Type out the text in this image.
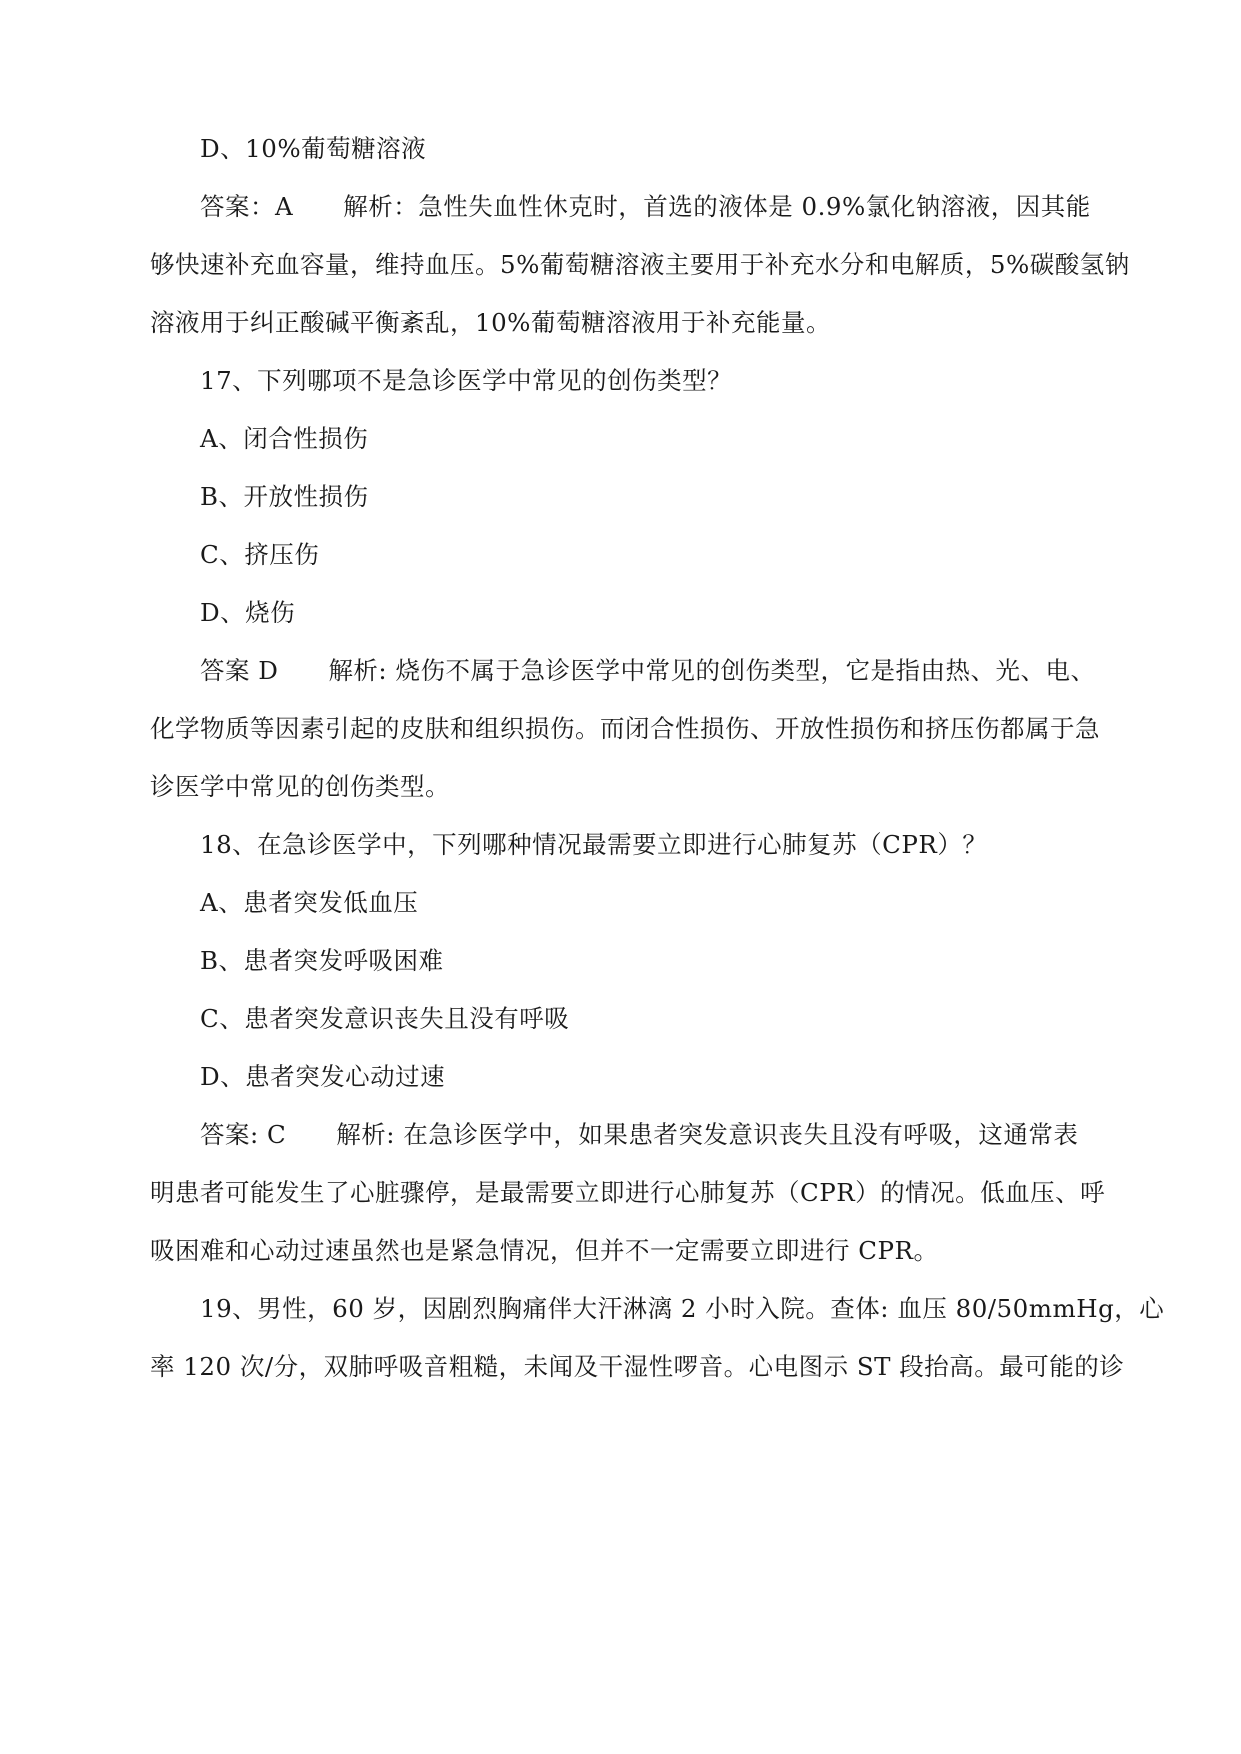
D、10%葡萄糖溶液
答案：A 解析：急性失血性休克时，首选的液体是 0.9%氯化钠溶液，因其能
够快速补充血容量，维持血压。5%葡萄糖溶液主要用于补充水分和电解质，5%碳酸氢钠
溶液用于纠正酸碱平衡紊乱，10%葡萄糖溶液用于补充能量。
17、下列哪项不是急诊医学中常见的创伤类型？
A、闭合性损伤
B、开放性损伤
C、挤压伤
D、烧伤
答案 D 解析: 烧伤不属于急诊医学中常见的创伤类型，它是指由热、光、电、
化学物质等因素引起的皮肤和组织损伤。而闭合性损伤、开放性损伤和挤压伤都属于急
诊医学中常见的创伤类型。
18、在急诊医学中，下列哪种情况最需要立即进行心肺复苏（CPR）？
A、患者突发低血压
B、患者突发呼吸困难
C、患者突发意识丧失且没有呼吸
D、患者突发心动过速
答案: C 解析: 在急诊医学中，如果患者突发意识丧失且没有呼吸，这通常表
明患者可能发生了心脏骤停，是最需要立即进行心肺复苏（CPR）的情况。低血压、呼
吸困难和心动过速虽然也是紧急情况，但并不一定需要立即进行 CPR。
19、男性，60 岁，因剧烈胸痛伴大汗淋漓 2 小时入院。查体: 血压 80/50mmHg，心
率 120 次/分，双肺呼吸音粗糙，未闻及干湿性啰音。心电图示 ST 段抬高。最可能的诊
